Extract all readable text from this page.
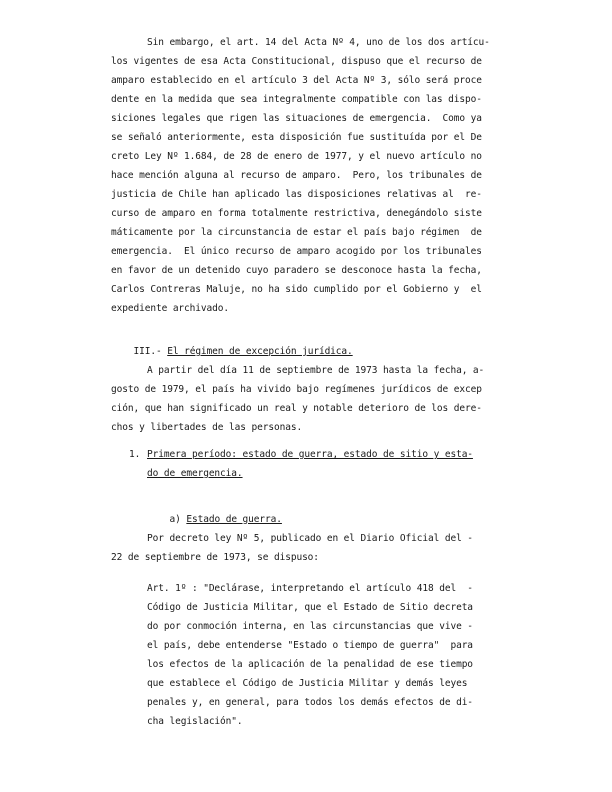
Sin embargo, el art. 14 del Acta Nº 4, uno de los dos artícu-
los vigentes de esa Acta Constitucional, dispuso que el recurso de
amparo establecido en el artículo 3 del Acta Nº 3, sólo será proce
dente en la medida que sea integralmente compatible con las dispo-
siciones legales que rigen las situaciones de emergencia.  Como ya
se señaló anteriormente, esta disposición fue sustituída por el De
creto Ley Nº 1.684, de 28 de enero de 1977, y el nuevo artículo no
hace mención alguna al recurso de amparo.  Pero, los tribunales de
justicia de Chile han aplicado las disposiciones relativas al  re-
curso de amparo en forma totalmente restrictiva, denegándolo siste
máticamente por la circunstancia de estar el país bajo régimen  de
emergencia.  El único recurso de amparo acogido por los tribunales
en favor de un detenido cuyo paradero se desconoce hasta la fecha,
Carlos Contreras Maluje, no ha sido cumplido por el Gobierno y  el
expediente archivado.

III.- El régimen de excepción jurídica.

A partir del día 11 de septiembre de 1973 hasta la fecha, a-
gosto de 1979, el país ha vivido bajo regímenes jurídicos de excep
ción, que han significado un real y notable deterioro de los dere-
chos y libertades de las personas.
1. Primera período: estado de guerra, estado de sitio y esta-
do de emergencia.

a) Estado de guerra.

Por decreto ley Nº 5, publicado en el Diario Oficial del -
22 de septiembre de 1973, se dispuso:
Art. 1º : "Declárase, interpretando el artículo 418 del  -
Código de Justicia Militar, que el Estado de Sitio decreta
do por conmoción interna, en las circunstancias que vive -
el país, debe entenderse "Estado o tiempo de guerra"  para
los efectos de la aplicación de la penalidad de ese tiempo
que establece el Código de Justicia Militar y demás leyes
penales y, en general, para todos los demás efectos de di-
cha legislación".
